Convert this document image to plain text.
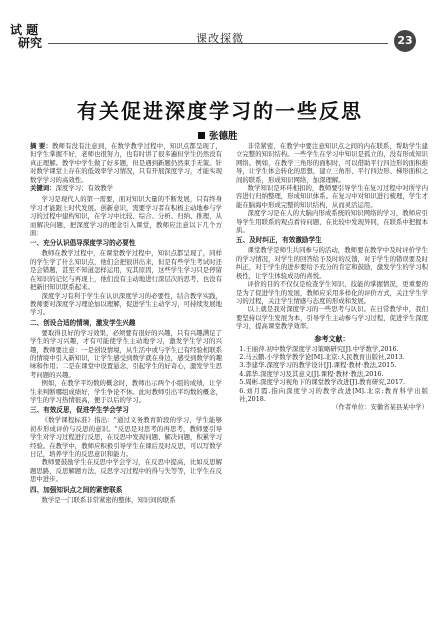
试 题
研究	课改探微	23
有关促进深度学习的一些反思
张德胜

摘 要：教师有没有注意到，在数学教学过程中，知识点都呈现了，但学生掌握不好，老师也很努力，也有时讲了很多遍但学生仍然没有真正理解。教学中学生做了好多题，但是遇到新题仍然束手无策。针对数学课堂上存在的低效率学习情况，只有开展深度学习，才能实现数学学习的高效性。

关键词：深度学习；有效教学

学习是现代人的第一需要，面对知识大量的不断发展，只有终身学习才能跟上时代发展。创新意识，需要学习者在积极主动地参与学习的过程中建构知识，在学习中比较、综合、分析、归纳、推理，从而解决问题，把深度学习的理念引入课堂，教师应注意以下几个方面：

一、充分认识倡导深度学习的必要性

教师在教学过程中，在课堂教学过程中，知识点都呈现了，同样的学生学了什么知识点，他们会把很讲出来，但是有些学生考试时还是会错题，甚至不知道怎样运用，究其原因，这些学生学习只是停留在知识的记忆与再现上，他们没有主动地进行深层次的思考，也没有把新旧知识联系起来。

深度学习有利于学生在认识深度学习的必要性，结合教学实践，教师要对深度学习理论加以理解，促进学生主动学习，可持续发展地学习。

二、创设合适的情境，激发学生兴趣

要取得良好的学习效果，必须要有很好的兴趣，只有兴趣满足了学生的学习兴趣，才有可能使学生主动地学习，激发学生学习的兴趣，教师要注意：一是创设情境，从生活中或与学生已有经验相联系的情境中引入新知识，让学生感受到数学就在身边，感受到数学的趣味和作用；二是在课堂中设置悬念，引起学生的好奇心，激发学生思考问题的兴趣。

例如，在教学平均数的概念时，教师出示两个小组的成绩，让学生来判断哪组成绩好，学生争论不休。此时教师引出平均数的概念，学生的学习热情很高，便于以后的学习。

三、有效反思，促进学生学会学习

《数学课程标准》指出："通过义务教育阶段的学习，学生能够初步形成评价与反思的意识。"反思是对思考的再思考，教师要引导学生对学习过程进行反思，在反思中发现问题、解决问题，积累学习经验。在教学中，教师应积极引导学生在课后及时反思，可以写数学日记，培养学生的反思意识和能力。

教师要鼓励学生在反思中学会学习，在反思中提高，比如反思解题思路，反思解题方法，反思学习过程中的得与失等等，让学生在反思中进步。

四、加强知识点之间的紧密联系

数学是一门联系非常紧密的整体，知识间的联系

非常紧密，在教学中要注意知识点之间的内在联系，帮助学生建立完整的知识结构。一些学生在学习中知识是孤立的，没有形成知识网络。例如，在教学三角形的面积时，可以借助平行四边形的面积推导，让学生体会转化的思想，建立三角形、平行四边形、梯形面积之间的联系，形成知识网络，加深理解。

数学知识是环环相扣的，教师要引导学生在复习过程中对所学内容进行归纳整理，形成知识体系。在复习中对知识进行梳理，学生才能在脑海中形成完整的知识结构，从而灵活运用。

深度学习是在人的大脑内形成系统的知识网络的学习，教师应引导学生用联系的观点看待问题，在比较中发现异同，在联系中把握本质。

五、及时纠正，有效激励学生

课堂教学是师生共同参与的活动，教师要在教学中及时评价学生的学习情况，对学生的回答给予及时的反馈，对于学生的错误要及时纠正，对于学生的进步要给予充分的肯定和鼓励，激发学生的学习积极性，让学生体验成功的喜悦。

评价的目的不仅仅是检查学生知识、技能的掌握情况，更重要的是为了促进学生的发展，教师应采用多样化的评价方式，关注学生学习的过程，关注学生情感与态度的形成和发展。

以上就是我对深度学习的一些思考与认识。在日常教学中，我们要坚持以学生发展为本，引导学生主动参与学习过程，促进学生深度学习，提高课堂教学效率。

参考文献：

1.王丽萍.初中数学深度学习策略研究[J].中学数学,2016.

2.马云鹏.小学数学教学论[M].北京:人民教育出版社,2013.

3.李建华.深度学习的教学设计[J].课程·教材·教法,2015.

4.郭华.深度学习及其意义[J].课程·教材·教法,2016.

5.周彬.深度学习视角下的课堂教学改进[J].教育研究,2017.

6.刘月霞.指向深度学习的教学改进[M].北京:教育科学出版社,2018.

（作者单位：安徽省某县某中学）
